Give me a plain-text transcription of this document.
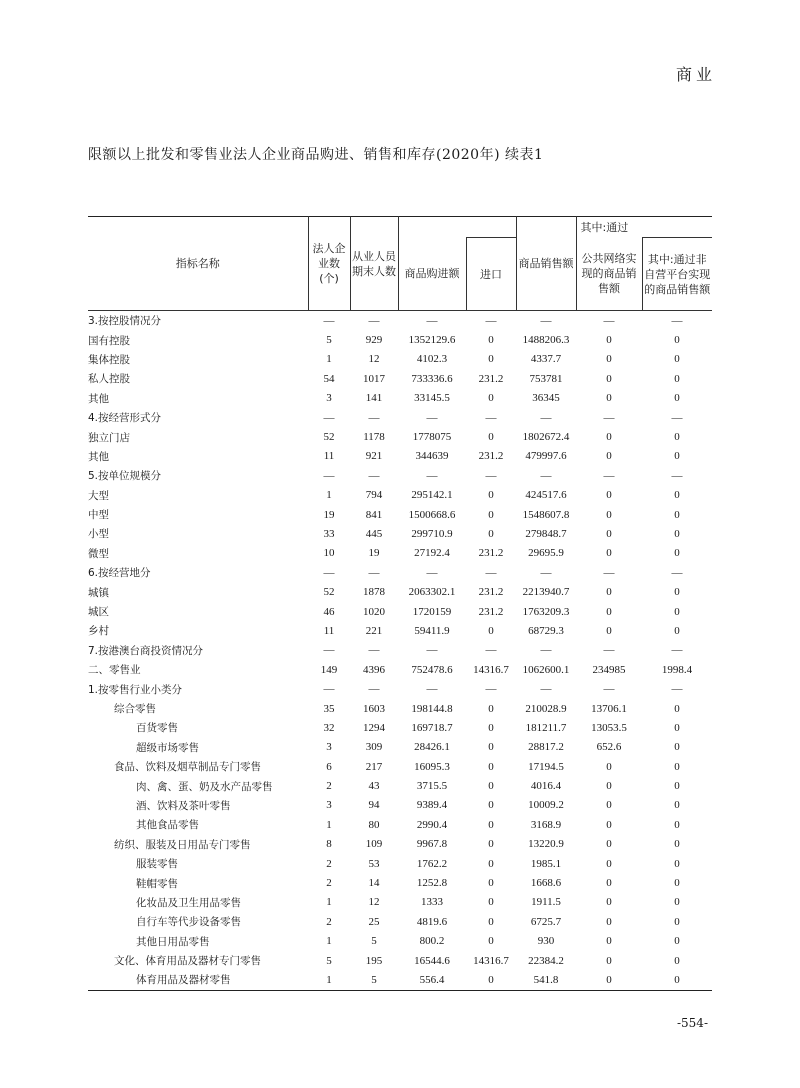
商业
限额以上批发和零售业法人企业商品购进、销售和库存(2020年) 续表1
指标名称	法人企业数(个)	从业人员期末人数			商品销售额	其中:通过	
			商品购进额	进口		公共网络实现的商品销售额	其中:通过非自营平台实现的商品销售额
3.按控股情况分	—	—	—	—	—	—	—
国有控股	5	929	1352129.6	0	1488206.3	0	0
集体控股	1	12	4102.3	0	4337.7	0	0
私人控股	54	1017	733336.6	231.2	753781	0	0
其他	3	141	33145.5	0	36345	0	0
4.按经营形式分	—	—	—	—	—	—	—
独立门店	52	1178	1778075	0	1802672.4	0	0
其他	11	921	344639	231.2	479997.6	0	0
5.按单位规模分	—	—	—	—	—	—	—
大型	1	794	295142.1	0	424517.6	0	0
中型	19	841	1500668.6	0	1548607.8	0	0
小型	33	445	299710.9	0	279848.7	0	0
微型	10	19	27192.4	231.2	29695.9	0	0
6.按经营地分	—	—	—	—	—	—	—
城镇	52	1878	2063302.1	231.2	2213940.7	0	0
城区	46	1020	1720159	231.2	1763209.3	0	0
乡村	11	221	59411.9	0	68729.3	0	0
7.按港澳台商投资情况分	—	—	—	—	—	—	—
二、零售业	149	4396	752478.6	14316.7	1062600.1	234985	1998.4
1.按零售行业小类分	—	—	—	—	—	—	—
综合零售	35	1603	198144.8	0	210028.9	13706.1	0
百货零售	32	1294	169718.7	0	181211.7	13053.5	0
超级市场零售	3	309	28426.1	0	28817.2	652.6	0
食品、饮料及烟草制品专门零售	6	217	16095.3	0	17194.5	0	0
肉、禽、蛋、奶及水产品零售	2	43	3715.5	0	4016.4	0	0
酒、饮料及茶叶零售	3	94	9389.4	0	10009.2	0	0
其他食品零售	1	80	2990.4	0	3168.9	0	0
纺织、服装及日用品专门零售	8	109	9967.8	0	13220.9	0	0
服装零售	2	53	1762.2	0	1985.1	0	0
鞋帽零售	2	14	1252.8	0	1668.6	0	0
化妆品及卫生用品零售	1	12	1333	0	1911.5	0	0
自行车等代步设备零售	2	25	4819.6	0	6725.7	0	0
其他日用品零售	1	5	800.2	0	930	0	0
文化、体育用品及器材专门零售	5	195	16544.6	14316.7	22384.2	0	0
体育用品及器材零售	1	5	556.4	0	541.8	0	0
-554-
